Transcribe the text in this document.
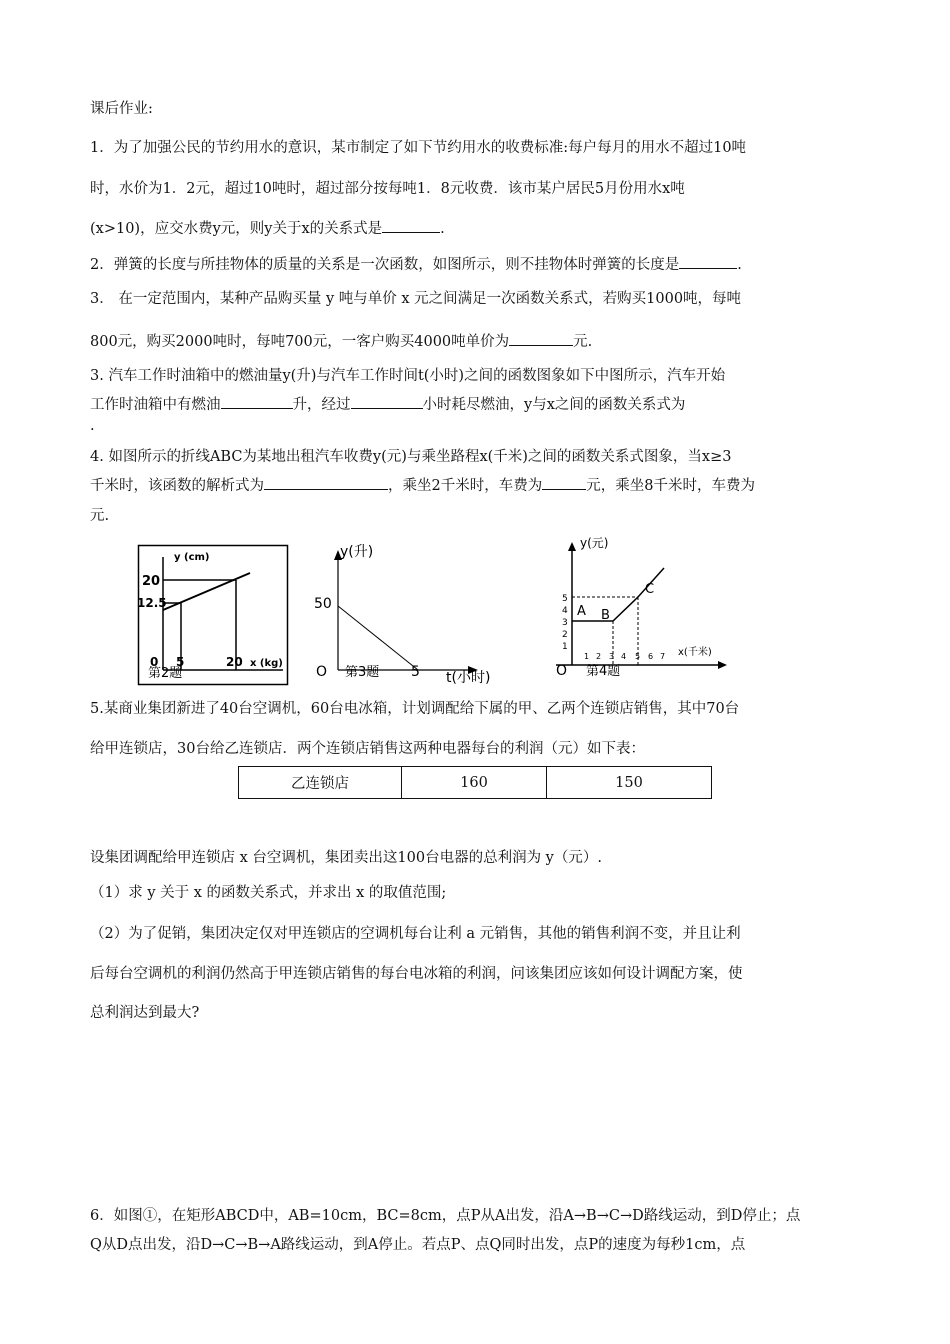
课后作业:
1．为了加强公民的节约用水的意识，某市制定了如下节约用水的收费标准:每户每月的用水不超过10吨
时，水价为1．2元，超过10吨时，超过部分按每吨1．8元收费．该市某户居民5月份用水x吨
(x>10)，应交水费y元，则y关于x的关系式是	.
2．弹簧的长度与所挂物体的质量的关系是一次函数，如图所示，则不挂物体时弹簧的长度是	.
3． 在一定范围内，某种产品购买量 y 吨与单价 x 元之间满足一次函数关系式，若购买1000吨，每吨
800元，购买2000吨时，每吨700元，一客户购买4000吨单价为	元.
3. 汽车工作时油箱中的燃油量y(升)与汽车工作时间t(小时)之间的函数图象如下中图所示，汽车开始
工作时油箱中有燃油	升，经过	小时耗尽燃油，y与x之间的函数关系式为
.
4. 如图所示的折线ABC为某地出租汽车收费y(元)与乘坐路程x(千米)之间的函数关系式图象，当x≥3
千米时，该函数的解析式为	，乘坐2千米时，车费为	元，乘坐8千米时，车费为
元.
y (cm)
20
12.5
0 5	20 x (kg)
第2题
y(升)
50
O 第3题 5 t(小时)
y(元)
5
4
3
2
1
A B
C
O
1 2 3 4 5 6 7 x(千米)
第4题
5.某商业集团新进了40台空调机，60台电冰箱，计划调配给下属的甲、乙两个连锁店销售，其中70台
给甲连锁店，30台给乙连锁店．两个连锁店销售这两种电器每台的利润（元）如下表：
乙连锁店	160	150
设集团调配给甲连锁店 x 台空调机，集团卖出这100台电器的总利润为 y（元）.
（1）求 y 关于 x 的函数关系式，并求出 x 的取值范围;
（2）为了促销，集团决定仅对甲连锁店的空调机每台让利 a 元销售，其他的销售利润不变，并且让利
后每台空调机的利润仍然高于甲连锁店销售的每台电冰箱的利润，问该集团应该如何设计调配方案，使
总利润达到最大?
6．如图①，在矩形ABCD中，AB=10cm，BC=8cm，点P从A出发，沿A→B→C→D路线运动，到D停止；点
Q从D点出发，沿D→C→B→A路线运动，到A停止。若点P、点Q同时出发，点P的速度为每秒1cm，点
